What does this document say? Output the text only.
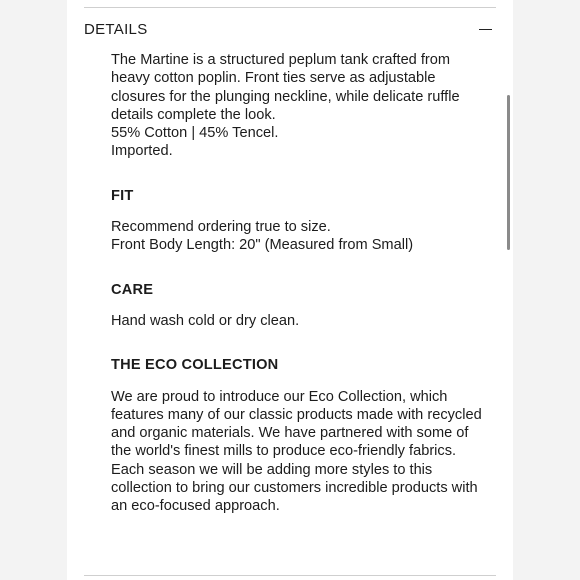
DETAILS

The Martine is a structured peplum tank crafted from

heavy cotton poplin. Front ties serve as adjustable

closures for the plunging neckline, while delicate ruffle

details complete the look.

55% Cotton | 45% Tencel.

Imported.

FIT

Recommend ordering true to size.

Front Body Length: 20" (Measured from Small)

CARE

Hand wash cold or dry clean.

THE ECO COLLECTION

We are proud to introduce our Eco Collection, which

features many of our classic products made with recycled

and organic materials. We have partnered with some of

the world's finest mills to produce eco-friendly fabrics.

Each season we will be adding more styles to this

collection to bring our customers incredible products with

an eco-focused approach.
